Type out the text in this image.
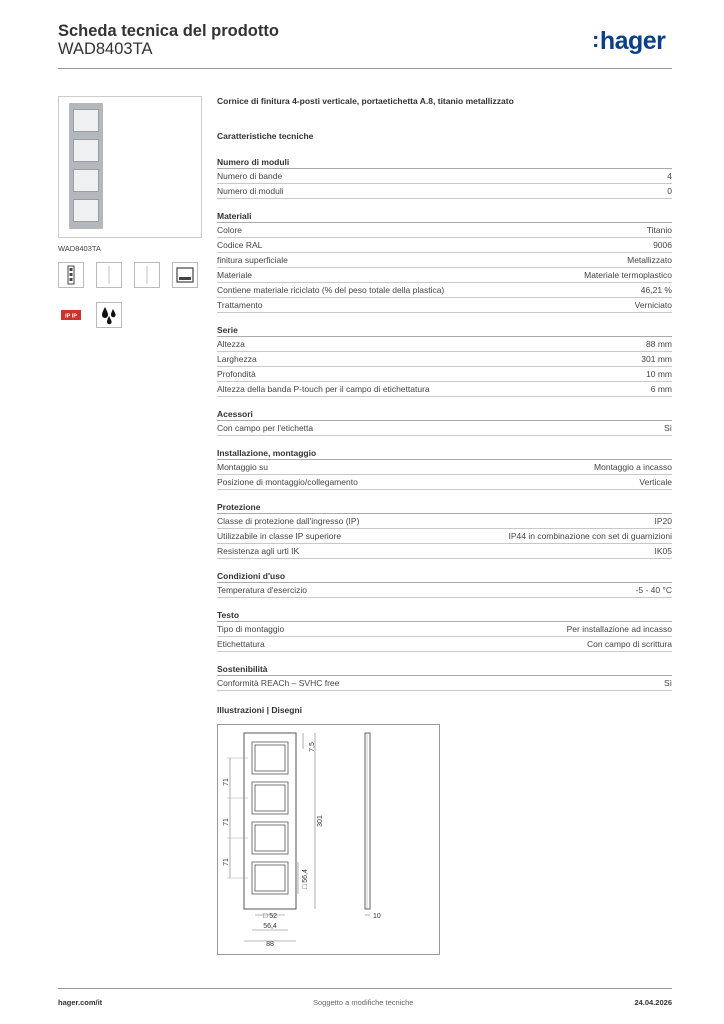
Scheda tecnica del prodotto
WAD8403TA	:hager
WAD8403TA
IP IP
Cornice di finitura 4-posti verticale, portaetichetta A.8, titanio metallizzato
Caratteristiche tecniche
Numero di moduli
Numero di bande	4
Numero di moduli	0
Materiali
Colore	Titanio
Codice RAL	9006
finitura superficiale	Metallizzato
Materiale	Materiale termoplastico
Contiene materiale riciclato (% del peso totale della plastica)	46,21 %
Trattamento	Verniciato
Serie
Altezza	88 mm
Larghezza	301 mm
Profondità	10 mm
Altezza della banda P-touch per il campo di etichettatura	6 mm
Acessori
Con campo per l'etichetta	Sì
Installazione, montaggio
Montaggio su	Montaggio a incasso
Posizione di montaggio/collegamento	Verticale
Protezione
Classe di protezione dall'ingresso (IP)	IP20
Utilizzabile in classe IP superiore	IP44 in combinazione con set di guarnizioni
Resistenza agli urti IK	IK05
Condizioni d'uso
Temperatura d'esercizio	-5 - 40 °C
Testo
Tipo di montaggio	Per installazione ad incasso
Etichettatura	Con campo di scrittura
Sostenibilità
Conformità REACh – SVHC free	Sì
Illustrazioni | Disegni
71
71
71
7,5
301
□ 56,4
□ 52
56,4
88
10
hager.com/it	Soggetto a modifiche tecniche	24.04.2026
